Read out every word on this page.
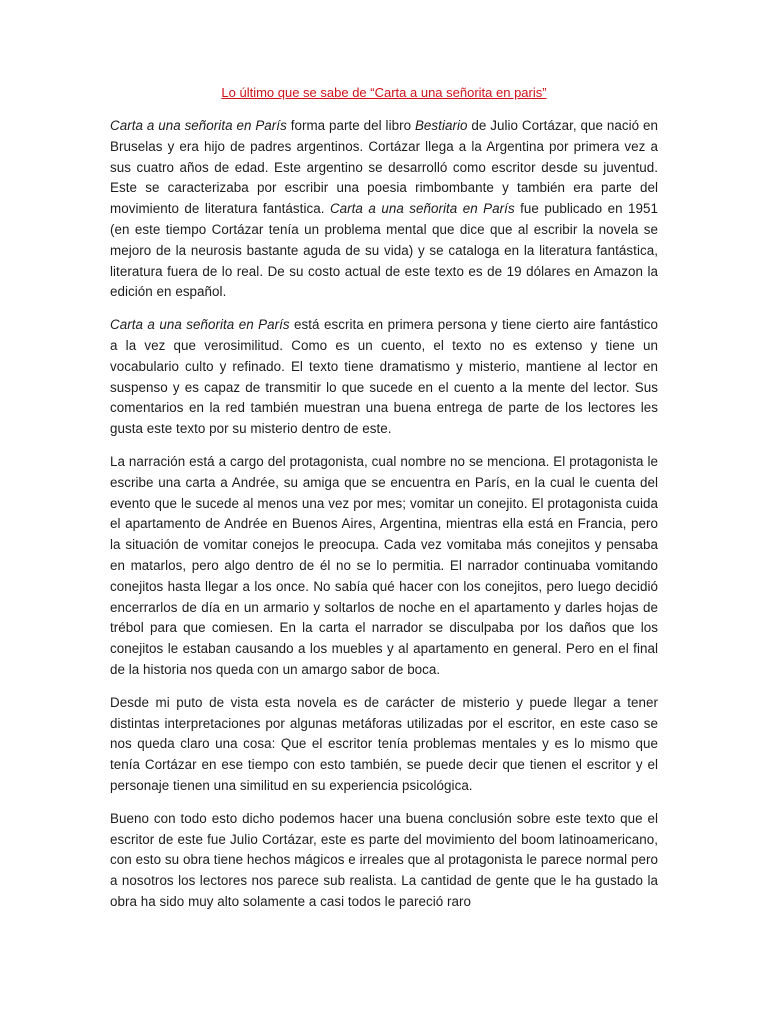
Lo último que se sabe de “Carta a una señorita en paris”

Carta a una señorita en París forma parte del libro Bestiario de Julio Cortázar, que nació en Bruselas y era hijo de padres argentinos. Cortázar llega a la Argentina por primera vez a sus cuatro años de edad. Este argentino se desarrolló como escritor desde su juventud. Este se caracterizaba por escribir una poesia rimbombante y también era parte del movimiento de literatura fantástica. Carta a una señorita en París fue publicado en 1951 (en este tiempo Cortázar tenía un problema mental que dice que al escribir la novela se mejoro de la neurosis bastante aguda de su vida) y se cataloga en la literatura fantástica, literatura fuera de lo real. De su costo actual de este texto es de 19 dólares en Amazon la edición en español.

Carta a una señorita en París está escrita en primera persona y tiene cierto aire fantástico a la vez que verosimilitud. Como es un cuento, el texto no es extenso y tiene un vocabulario culto y refinado. El texto tiene dramatismo y misterio, mantiene al lector en suspenso y es capaz de transmitir lo que sucede en el cuento a la mente del lector. Sus comentarios en la red también muestran una buena entrega de parte de los lectores les gusta este texto por su misterio dentro de este.

La narración está a cargo del protagonista, cual nombre no se menciona. El protagonista le escribe una carta a Andrée, su amiga que se encuentra en París, en la cual le cuenta del evento que le sucede al menos una vez por mes; vomitar un conejito. El protagonista cuida el apartamento de Andrée en Buenos Aires, Argentina, mientras ella está en Francia, pero la situación de vomitar conejos le preocupa. Cada vez vomitaba más conejitos y pensaba en matarlos, pero algo dentro de él no se lo permitia. El narrador continuaba vomitando conejitos hasta llegar a los once. No sabía qué hacer con los conejitos, pero luego decidió encerrarlos de día en un armario y soltarlos de noche en el apartamento y darles hojas de trébol para que comiesen. En la carta el narrador se disculpaba por los daños que los conejitos le estaban causando a los muebles y al apartamento en general. Pero en el final de la historia nos queda con un amargo sabor de boca.

Desde mi puto de vista esta novela es de carácter de misterio y puede llegar a tener distintas interpretaciones por algunas metáforas utilizadas por el escritor, en este caso se nos queda claro una cosa: Que el escritor tenía problemas mentales y es lo mismo que tenía Cortázar en ese tiempo con esto también, se puede decir que tienen el escritor y el personaje tienen una similitud en su experiencia psicológica.

Bueno con todo esto dicho podemos hacer una buena conclusión sobre este texto que el escritor de este fue Julio Cortázar, este es parte del movimiento del boom latinoamericano, con esto su obra tiene hechos mágicos e irreales que al protagonista le parece normal pero a nosotros los lectores nos parece sub realista. La cantidad de gente que le ha gustado la obra ha sido muy alto solamente a casi todos le pareció raro
